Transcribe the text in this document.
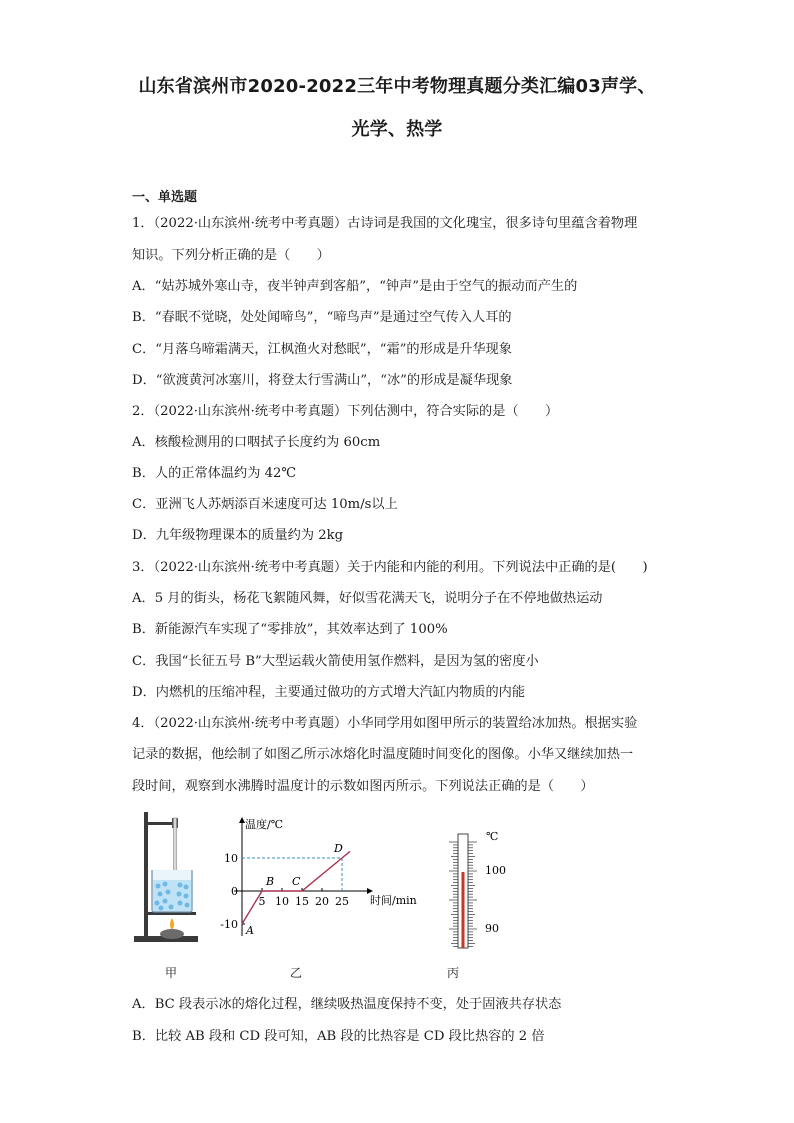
山东省滨州市2020-2022三年中考物理真题分类汇编03声学、
光学、热学
一、单选题
1．（2022·山东滨州·统考中考真题）古诗词是我国的文化瑰宝，很多诗句里蕴含着物理
知识。下列分析正确的是（　　）
A．“姑苏城外寒山寺，夜半钟声到客船”，“钟声”是由于空气的振动而产生的
B．“春眠不觉晓，处处闻啼鸟”，“啼鸟声”是通过空气传入人耳的
C．“月落乌啼霜满天，江枫渔火对愁眠”，“霜”的形成是升华现象
D．“欲渡黄河冰塞川，将登太行雪满山”，“冰”的形成是凝华现象
2．（2022·山东滨州·统考中考真题）下列估测中，符合实际的是（　　）
A．核酸检测用的口咽拭子长度约为 60cm
B．人的正常体温约为 42℃
C．亚洲飞人苏炳添百米速度可达 10m/s以上
D．九年级物理课本的质量约为 2kg
3．（2022·山东滨州·统考中考真题）关于内能和内能的利用。下列说法中正确的是(　　)
A．5 月的街头，杨花飞絮随风舞，好似雪花满天飞，说明分子在不停地做热运动
B．新能源汽车实现了“零排放”，其效率达到了 100%
C．我国“长征五号 B”大型运载火箭使用氢作燃料，是因为氢的密度小
D．内燃机的压缩冲程，主要通过做功的方式增大汽缸内物质的内能
4．（2022·山东滨州·统考中考真题）小华同学用如图甲所示的装置给冰加热。根据实验
记录的数据，他绘制了如图乙所示冰熔化时温度随时间变化的图像。小华又继续加热一
段时间，观察到水沸腾时温度计的示数如图丙所示。下列说法正确的是（　　）
温度/℃
时间/min
5 10 15 20 25
10
0
-10 A
B C
D
℃
100
90
甲	乙	丙
A．BC 段表示冰的熔化过程，继续吸热温度保持不变，处于固液共存状态
B．比较 AB 段和 CD 段可知，AB 段的比热容是 CD 段比热容的 2 倍
